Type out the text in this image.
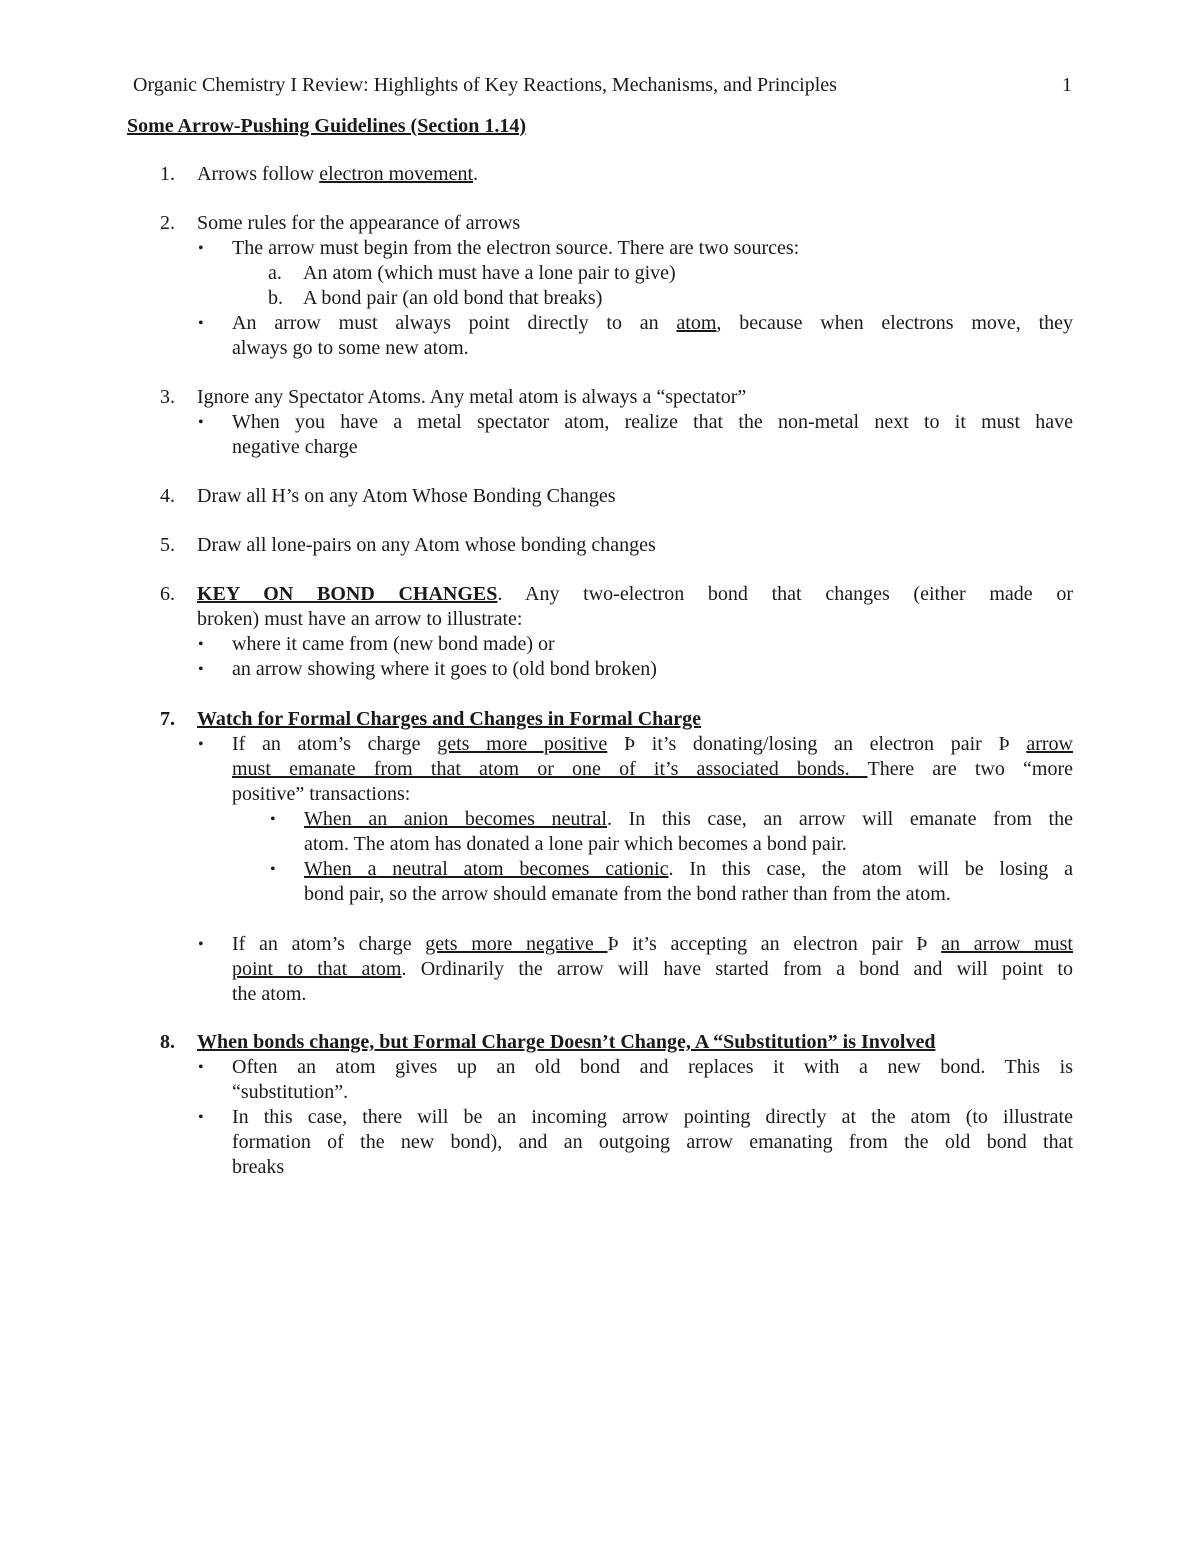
Organic Chemistry I Review: Highlights of Key Reactions, Mechanisms, and Principles	1
Some Arrow-Pushing Guidelines (Section 1.14)
1.	Arrows follow electron movement.
2.	Some rules for the appearance of arrows
•	The arrow must begin from the electron source. There are two sources:
a.	An atom (which must have a lone pair to give)
b.	A bond pair (an old bond that breaks)
•	An arrow must always point directly to an atom, because when electrons move, they
always go to some new atom.
3.	Ignore any Spectator Atoms. Any metal atom is always a “spectator”
•	When you have a metal spectator atom, realize that the non-metal next to it must have
negative charge
4.	Draw all H’s on any Atom Whose Bonding Changes
5.	Draw all lone-pairs on any Atom whose bonding changes
6.	KEY ON BOND CHANGES. Any two-electron bond that changes (either made or
broken) must have an arrow to illustrate:
•	where it came from (new bond made) or
•	an arrow showing where it goes to (old bond broken)
7.	Watch for Formal Charges and Changes in Formal Charge
•	If an atom’s charge gets more positive Þ it’s donating/losing an electron pair Þ arrow
must emanate from that atom or one of it’s associated bonds. There are two “more
positive” transactions:
•	When an anion becomes neutral. In this case, an arrow will emanate from the
atom. The atom has donated a lone pair which becomes a bond pair.
•	When a neutral atom becomes cationic. In this case, the atom will be losing a
bond pair, so the arrow should emanate from the bond rather than from the atom.
•	If an atom’s charge gets more negative Þ it’s accepting an electron pair Þ an arrow must
point to that atom. Ordinarily the arrow will have started from a bond and will point to
the atom.
8.	When bonds change, but Formal Charge Doesn’t Change, A “Substitution” is Involved
•	Often an atom gives up an old bond and replaces it with a new bond. This is
“substitution”.
•	In this case, there will be an incoming arrow pointing directly at the atom (to illustrate
formation of the new bond), and an outgoing arrow emanating from the old bond that
breaks
